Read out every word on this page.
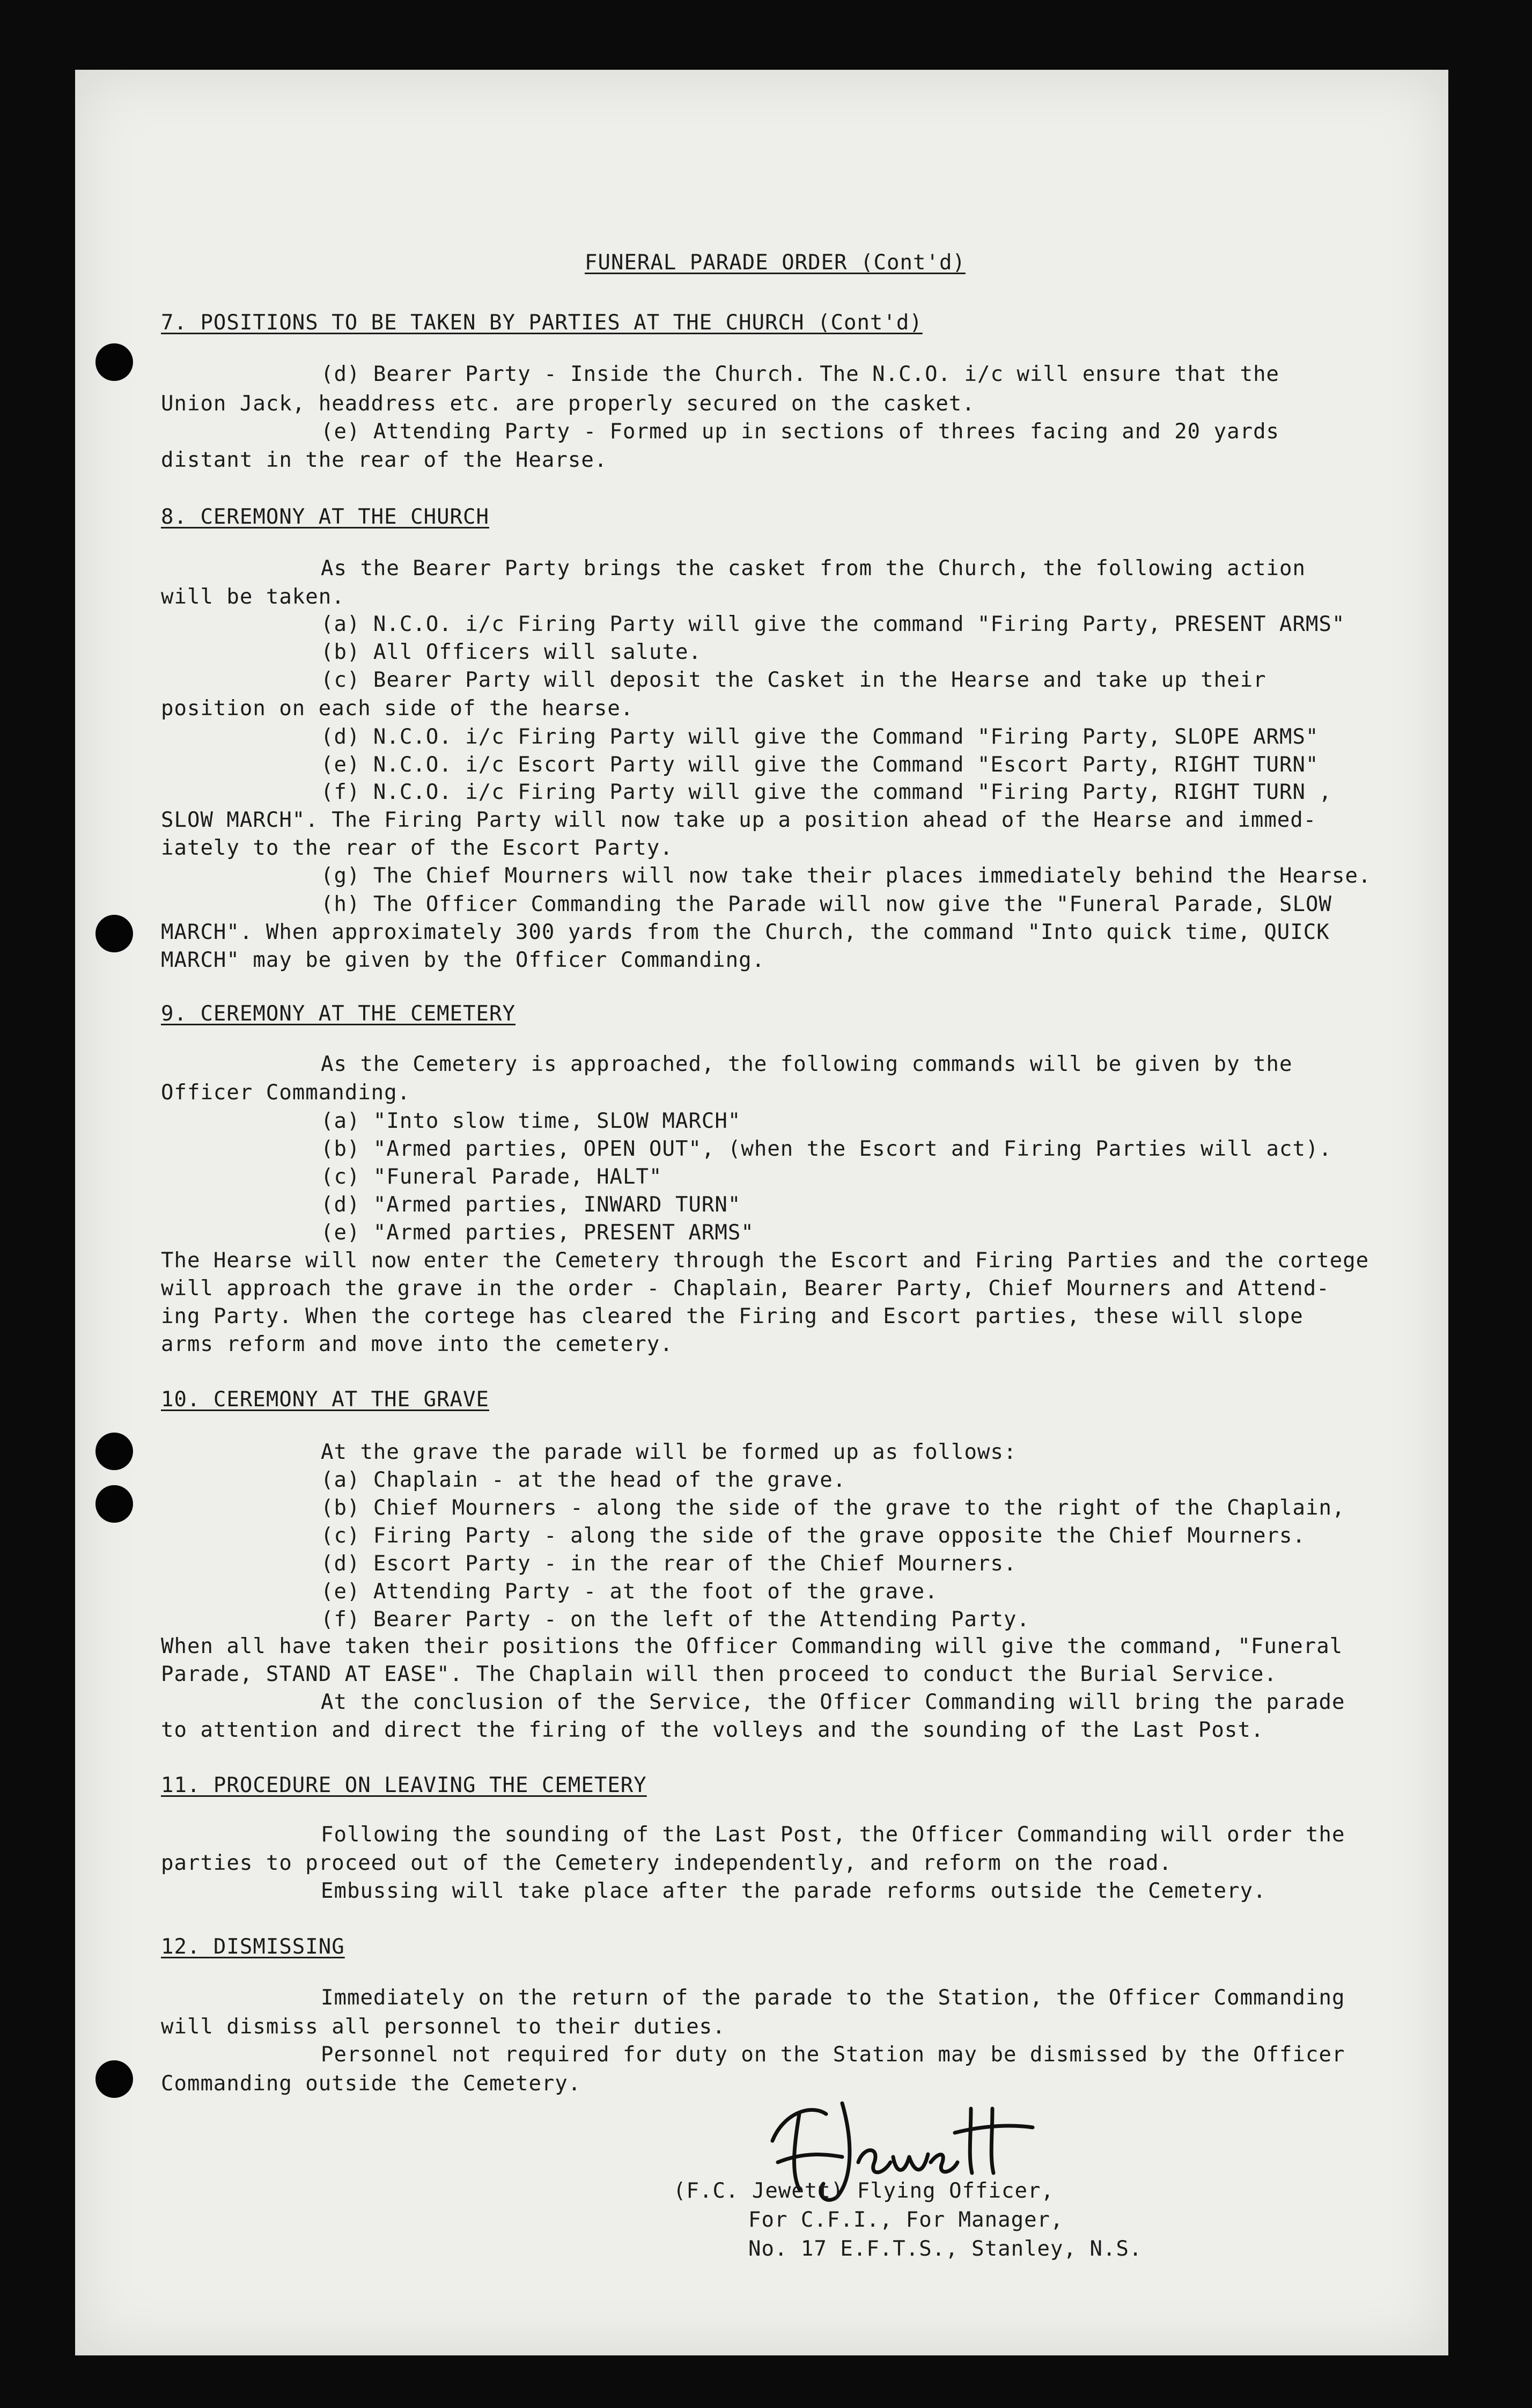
FUNERAL PARADE ORDER (Cont'd)
7. POSITIONS TO BE TAKEN BY PARTIES AT THE CHURCH (Cont'd)
(d) Bearer Party - Inside the Church. The N.C.O. i/c will ensure that the
Union Jack, headdress etc. are properly secured on the casket.
(e) Attending Party - Formed up in sections of threes facing and 20 yards
distant in the rear of the Hearse.
8. CEREMONY AT THE CHURCH
As the Bearer Party brings the casket from the Church, the following action
will be taken.
(a) N.C.O. i/c Firing Party will give the command "Firing Party, PRESENT ARMS"
(b) All Officers will salute.
(c) Bearer Party will deposit the Casket in the Hearse and take up their
position on each side of the hearse.
(d) N.C.O. i/c Firing Party will give the Command "Firing Party, SLOPE ARMS"
(e) N.C.O. i/c Escort Party will give the Command "Escort Party, RIGHT TURN"
(f) N.C.O. i/c Firing Party will give the command "Firing Party, RIGHT TURN ,
SLOW MARCH". The Firing Party will now take up a position ahead of the Hearse and immed-
iately to the rear of the Escort Party.
(g) The Chief Mourners will now take their places immediately behind the Hearse.
(h) The Officer Commanding the Parade will now give the "Funeral Parade, SLOW
MARCH". When approximately 300 yards from the Church, the command "Into quick time, QUICK
MARCH" may be given by the Officer Commanding.
9. CEREMONY AT THE CEMETERY
As the Cemetery is approached, the following commands will be given by the
Officer Commanding.
(a) "Into slow time, SLOW MARCH"
(b) "Armed parties, OPEN OUT", (when the Escort and Firing Parties will act).
(c) "Funeral Parade, HALT"
(d) "Armed parties, INWARD TURN"
(e) "Armed parties, PRESENT ARMS"
The Hearse will now enter the Cemetery through the Escort and Firing Parties and the cortege
will approach the grave in the order - Chaplain, Bearer Party, Chief Mourners and Attend-
ing Party. When the cortege has cleared the Firing and Escort parties, these will slope
arms reform and move into the cemetery.
10. CEREMONY AT THE GRAVE
At the grave the parade will be formed up as follows:
(a) Chaplain - at the head of the grave.
(b) Chief Mourners - along the side of the grave to the right of the Chaplain,
(c) Firing Party - along the side of the grave opposite the Chief Mourners.
(d) Escort Party - in the rear of the Chief Mourners.
(e) Attending Party - at the foot of the grave.
(f) Bearer Party - on the left of the Attending Party.
When all have taken their positions the Officer Commanding will give the command, "Funeral
Parade, STAND AT EASE". The Chaplain will then proceed to conduct the Burial Service.
At the conclusion of the Service, the Officer Commanding will bring the parade
to attention and direct the firing of the volleys and the sounding of the Last Post.
11. PROCEDURE ON LEAVING THE CEMETERY
Following the sounding of the Last Post, the Officer Commanding will order the
parties to proceed out of the Cemetery independently, and reform on the road.
Embussing will take place after the parade reforms outside the Cemetery.
12. DISMISSING
Immediately on the return of the parade to the Station, the Officer Commanding
will dismiss all personnel to their duties.
Personnel not required for duty on the Station may be dismissed by the Officer
Commanding outside the Cemetery.
(F.C. Jewett) Flying Officer,
For C.F.I., For Manager,
No. 17 E.F.T.S., Stanley, N.S.
